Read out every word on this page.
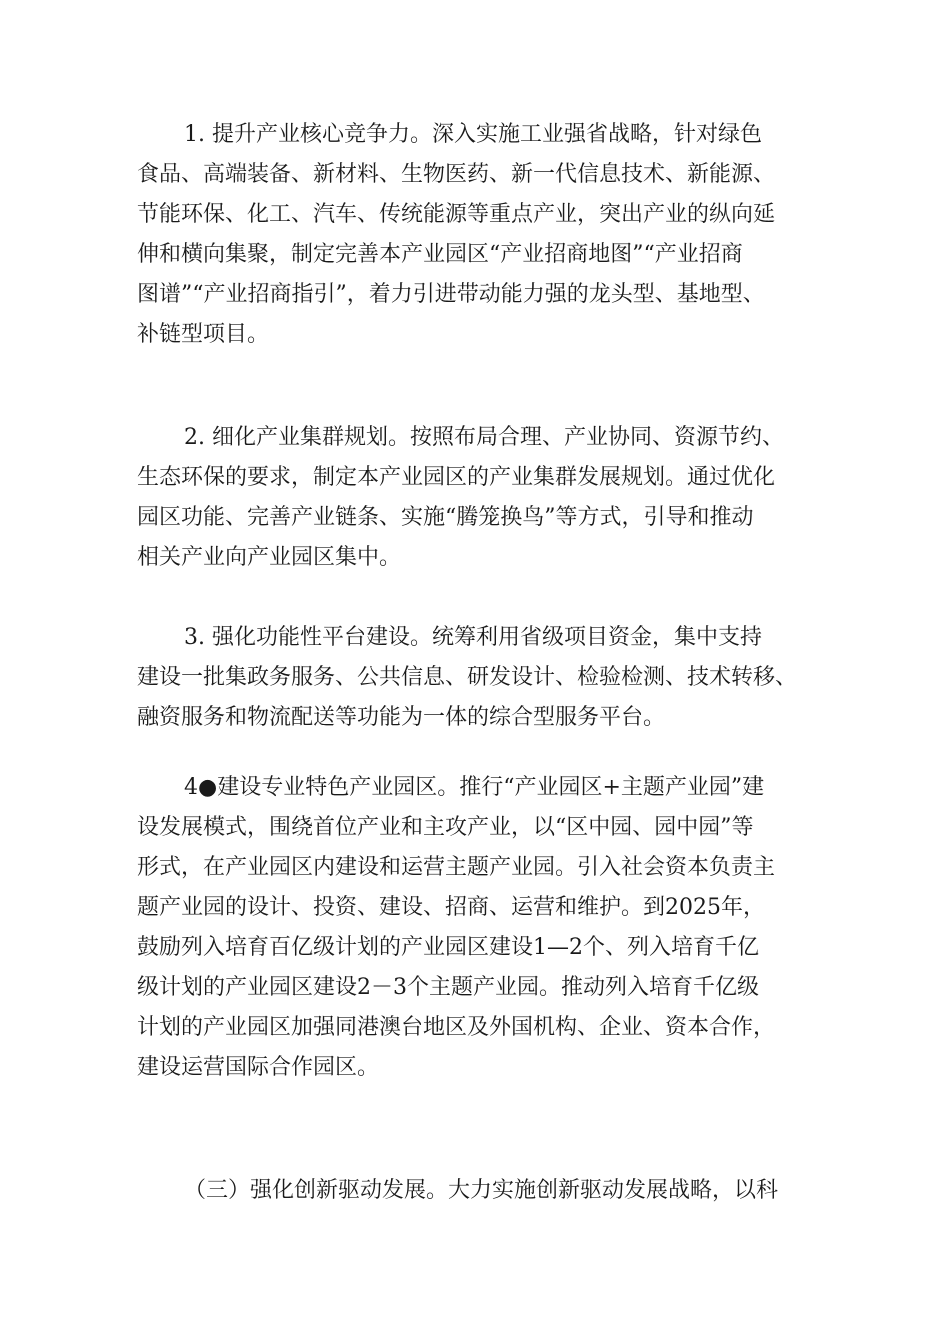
1. 提升产业核心竞争力。深入实施工业强省战略，针对绿色
食品、高端装备、新材料、生物医药、新一代信息技术、新能源、
节能环保、化工、汽车、传统能源等重点产业，突出产业的纵向延
伸和横向集聚，制定完善本产业园区“产业招商地图”“产业招商
图谱”“产业招商指引”，着力引进带动能力强的龙头型、基地型、
补链型项目。
2. 细化产业集群规划。按照布局合理、产业协同、资源节约、
生态环保的要求，制定本产业园区的产业集群发展规划。通过优化
园区功能、完善产业链条、实施“腾笼换鸟”等方式，引导和推动
相关产业向产业园区集中。
3. 强化功能性平台建设。统筹利用省级项目资金，集中支持
建设一批集政务服务、公共信息、研发设计、检验检测、技术转移、
融资服务和物流配送等功能为一体的综合型服务平台。
4●建设专业特色产业园区。推行“产业园区+主题产业园”建
设发展模式，围绕首位产业和主攻产业，以“区中园、园中园”等
形式，在产业园区内建设和运营主题产业园。引入社会资本负责主
题产业园的设计、投资、建设、招商、运营和维护。到2025年，
鼓励列入培育百亿级计划的产业园区建设1—2个、列入培育千亿
级计划的产业园区建设2－3个主题产业园。推动列入培育千亿级
计划的产业园区加强同港澳台地区及外国机构、企业、资本合作，
建设运营国际合作园区。
（三）强化创新驱动发展。大力实施创新驱动发展战略，以科
